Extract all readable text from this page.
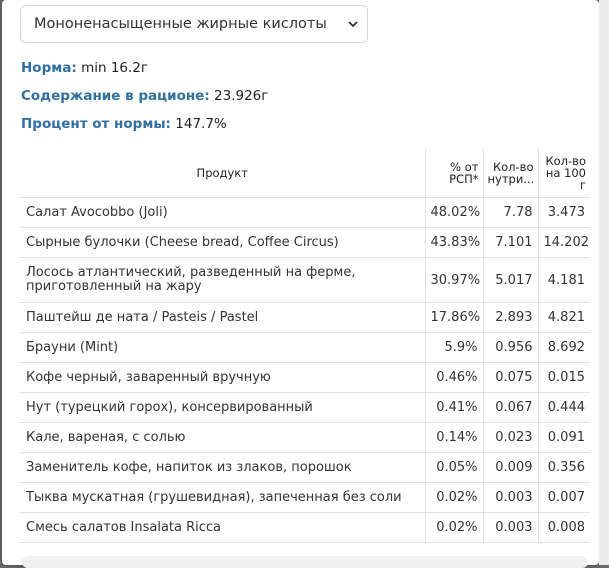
Мононенасыщенные жирные кислоты
Норма: min 16.2г
Содержание в рационе: 23.926г
Процент от нормы: 147.7%
Продукт	% от РСП*	Кол-во нутри...	Кол-во на 100 г
Салат Avocobbo (Joli)	48.02%	7.78	3.473
Сырные булочки (Cheese bread, Coffee Circus)	43.83%	7.101	14.202
Лосось атлантический, разведенный на ферме, приготовленный на жару	30.97%	5.017	4.181
Паштейш де ната / Pasteis / Pastel	17.86%	2.893	4.821
Брауни (Mint)	5.9%	0.956	8.692
Кофе черный, заваренный вручную	0.46%	0.075	0.015
Нут (турецкий горох), консервированный	0.41%	0.067	0.444
Кале, вареная, с солью	0.14%	0.023	0.091
Заменитель кофе, напиток из злаков, порошок	0.05%	0.009	0.356
Тыква мускатная (грушевидная), запеченная без соли	0.02%	0.003	0.007
Смесь салатов Insalata Ricca	0.02%	0.003	0.008
